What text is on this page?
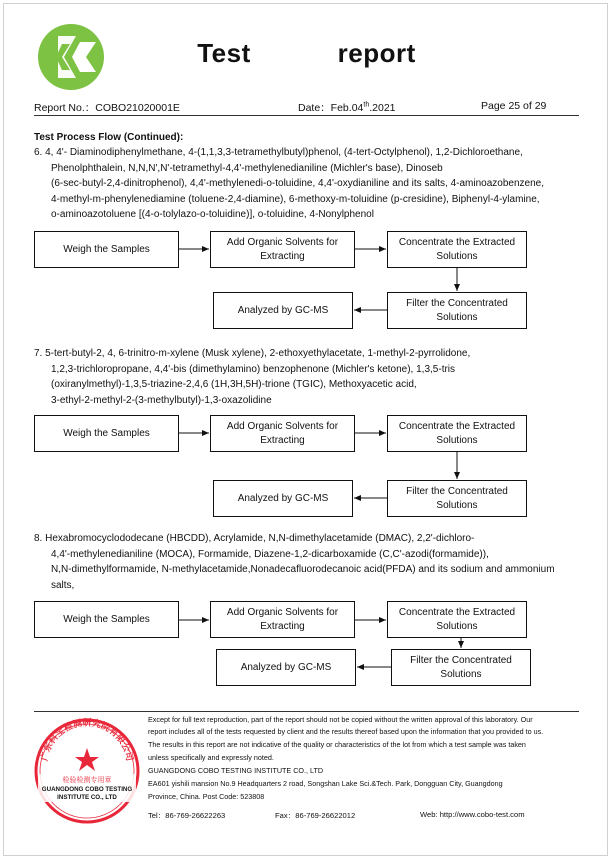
Test    report
Report No.：COBO21020001E	Date：Feb.04th.2021	Page 25 of 29
Test Process Flow (Continued):
6. 4, 4'- Diaminodiphenylmethane, 4-(1,1,3,3-tetramethylbutyl)phenol, (4-tert-Octylphenol), 1,2-Dichloroethane,
Phenolphthalein, N,N,N',N'-tetramethyl-4,4'-methylenedianiline (Michler's base), Dinoseb
(6-sec-butyl-2,4-dinitrophenol), 4,4'-methylenedi-o-toluidine, 4,4'-oxydianiline and its salts, 4-aminoazobenzene,
4-methyl-m-phenylenediamine (toluene-2,4-diamine), 6-methoxy-m-toluidine (p-cresidine), Biphenyl-4-ylamine,
o-aminoazotoluene [(4-o-tolylazo-o-toluidine)], o-toluidine, 4-Nonylphenol
Weigh the Samples
Add Organic Solvents for Extracting
Concentrate the Extracted Solutions
Filter the Concentrated Solutions
Analyzed by GC-MS
7. 5-tert-butyl-2, 4, 6-trinitro-m-xylene (Musk xylene), 2-ethoxyethylacetate, 1-methyl-2-pyrrolidone,
1,2,3-trichloropropane, 4,4'-bis (dimethylamino) benzophenone (Michler's ketone), 1,3,5-tris
(oxiranylmethyl)-1,3,5-triazine-2,4,6 (1H,3H,5H)-trione (TGIC), Methoxyacetic acid,
3-ethyl-2-methyl-2-(3-methylbutyl)-1,3-oxazolidine
Weigh the Samples
Add Organic Solvents for Extracting
Concentrate the Extracted Solutions
Filter the Concentrated Solutions
Analyzed by GC-MS
8. Hexabromocyclododecane (HBCDD), Acrylamide, N,N-dimethylacetamide (DMAC), 2,2'-dichloro-
4,4'-methylenedianiline (MOCA), Formamide, Diazene-1,2-dicarboxamide (C,C'-azodi(formamide)),
N,N-dimethylformamide, N-methylacetamide,Nonadecafluorodecanoic acid(PFDA) and its sodium and ammonium
salts,
Weigh the Samples
Add Organic Solvents for Extracting
Concentrate the Extracted Solutions
Filter the Concentrated Solutions
Analyzed by GC-MS
广东科宝检测研究院有限公司
检验检测专用章
GUANGDONG COBO TESTING
INSTITUTE CO., LTD
Except for full text reproduction, part of the report should not be copied without the written approval of this laboratory. Our
report includes all of the tests requested by client and the results thereof based upon the information that you provided to us.
The results in this report are not indicative of the quality or characteristics of the lot from which a test sample was taken
unless specifically and expressly noted.
GUANGDONG COBO TESTING INSTITUTE CO., LTD
EA601 yishili mansion No.9 Headquarters 2 road, Songshan Lake Sci.&Tech. Park, Dongguan City, Guangdong
Province, China. Post Code: 523808
Tel：86-769-26622263	Fax：86-769-26622012	Web: http://www.cobo-test.com
